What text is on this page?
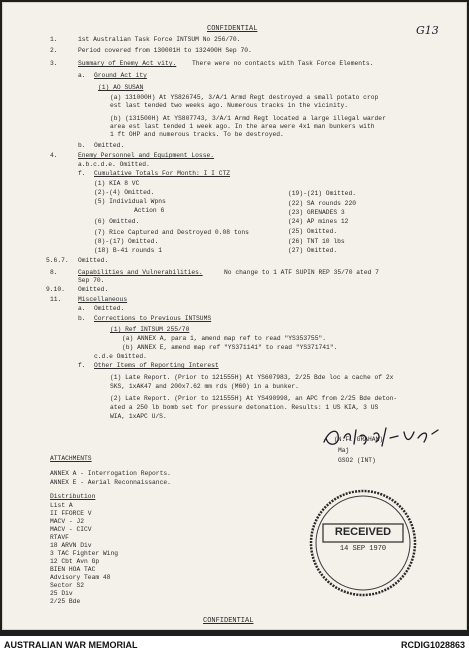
CONFIDENTIAL	G13
1.	1st Australian Task Force INTSUM No 256/70.
2.	Period covered from 130001H to 132400H Sep 70.
3.	Summary of Enemy Act vity.	There were no contacts with Task Force Elements.
a. Ground Act ity
(1) AO SUSAN
(a) 131000H) At YS826745, 3/A/1 Armd Regt destroyed a small potato crop
est last tended two weeks ago. Numerous tracks in the vicinity.
(b) (131500H) At YS807743, 3/A/1 Armd Regt located a large illegal warder
area est last tended 1 week ago. In the area were 4x1 man bunkers with
1 ft OHP and numerous tracks. To be destroyed.
b. Omitted.
4.	Enemy Personnel and Equipment Losse.
a.b.c.d.e. Omitted.
f. Cumulative Totals For Month: I I CTZ
(1) KIA 8 VC
(2)-(4) Omitted.
(5) Individual Wpns
Action 6
(6) Omitted.
(7) Rice Captured and Destroyed 0.08 tons
(8)-(17) Omitted.
(18) B-41 rounds 1
(19)-(21) Omitted.
(22) SA rounds 220
(23) GRENADES 3
(24) AP mines 12
(25) Omitted.
(26) TNT 10 lbs
(27) Omitted.
5.6.7. Omitted.
8.	Capabilities and Vulnerabilities.	No change to 1 ATF SUPIN REP 35/70 ated 7
Sep 70.
9.10. Omitted.
11.	Miscellaneous
a. Omitted.
b. Corrections to Previous INTSUMS
(1) Ref INTSUM 255/70
(a) ANNEX A, para 1, amend map ref to read "YS353755".
(b) ANNEX E, amend map ref "YS371141" to read "YS371741".
c.d.e Omitted.
f. Other Items of Reporting Interest
(1) Late Report. (Prior to 121555H) At YS607983, 2/25 Bde loc a cache of 2x
SKS, 1xAK47 and 200x7.62 mm rds (M60) in a bunker.
(2) Late Report. (Prior to 121555H) At YS490998, an APC from 2/25 Bde deton-
ated a 250 lb bomb set for pressure detonation. Results: 1 US KIA, 3 US
WIA, 1xAPC U/S.
(N.F. GRAHAM)
Maj
GSO2 (INT)
ATTACHMENTS
ANNEX A - Interrogation Reports.
ANNEX E - Aerial Reconnaissance.
Distribution
List A
II FFORCE V
MACV - J2
MACV - CICV
RTAVF
18 ARVN Div
3 TAC Fighter Wing
12 Cbt Avn Gp
BIEN HOA TAC
Advisory Team 48
Sector S2
25 Div
2/25 Bde
RECEIVED
14 SEP 1970
CONFIDENTIAL
AUSTRALIAN WAR MEMORIAL	RCDIG1028863
